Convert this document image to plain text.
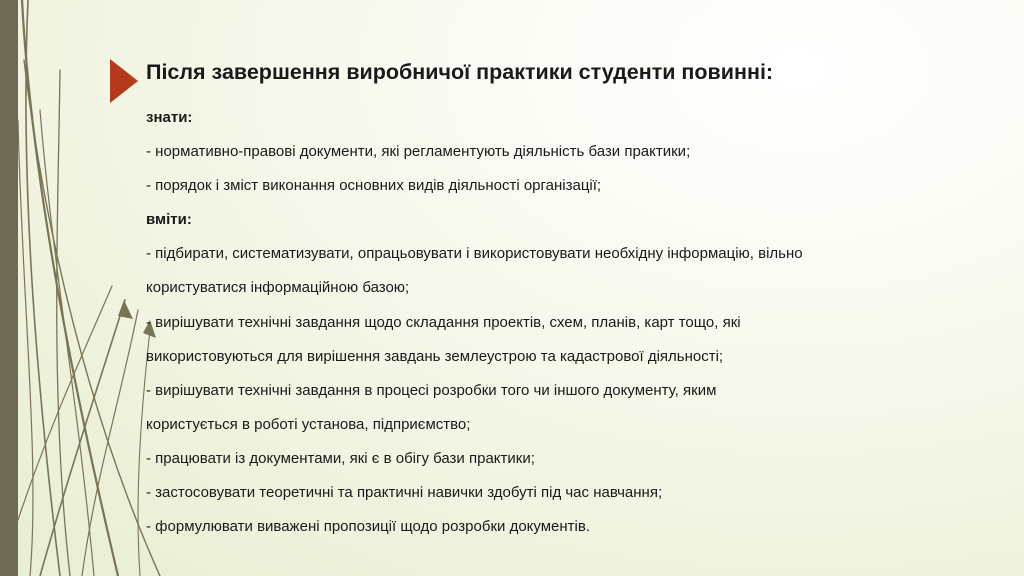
Після завершення виробничої практики студенти повинні:
знати:
- нормативно-правові документи, які регламентують діяльність бази практики;
- порядок і зміст виконання основних видів діяльності організації;
вміти:
- підбирати, систематизувати, опрацьовувати і використовувати необхідну інформацію, вільно
користуватися інформаційною базою;
- вирішувати технічні завдання щодо складання проектів, схем, планів, карт тощо, які
використовуються для вирішення завдань землеустрою та кадастрової діяльності;
- вирішувати технічні завдання в процесі розробки того чи іншого документу, яким
користується в роботі установа, підприємство;
- працювати із документами, які є в обігу бази практики;
- застосовувати теоретичні та практичні навички здобуті під час навчання;
- формулювати виважені пропозиції щодо розробки документів.
